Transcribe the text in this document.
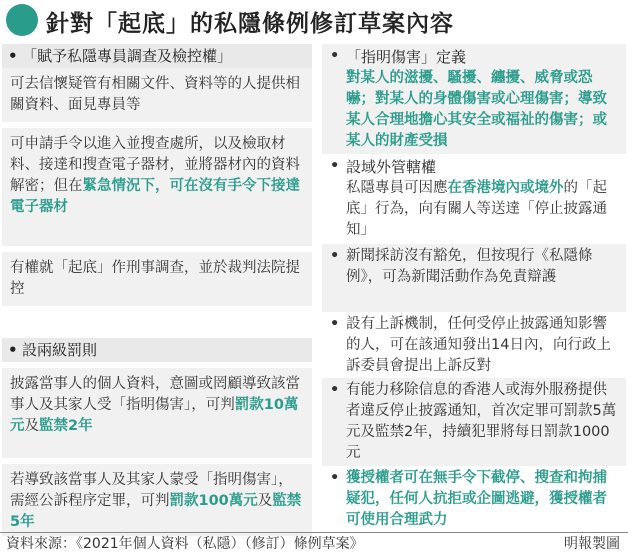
針對「起底」的私隱條例修訂草案內容
• 「賦予私隱專員調查及檢控權」
可去信懷疑管有相關文件、資料等的人提供相關資料、面見專員等
可申請手令以進入並搜查處所，以及檢取材料、接達和搜查電子器材，並將器材內的資料解密；但在緊急情況下，可在沒有手令下接達電子器材
有權就「起底」作刑事調查，並於裁判法院提控
• 設兩級罰則
披露當事人的個人資料，意圖或罔顧導致該當事人及其家人受「指明傷害」，可判罰款10萬元及監禁2年
若導致該當事人及其家人蒙受「指明傷害」，需經公訴程序定罪，可判罰款100萬元及監禁5年
• 「指明傷害」定義
對某人的滋擾、騷擾、纏擾、威脅或恐嚇；對某人的身體傷害或心理傷害；導致某人合理地擔心其安全或福祉的傷害；或某人的財產受損
• 設域外管轄權
私隱專員可因應在香港境內或境外的「起底」行為，向有關人等送達「停止披露通知」
• 新聞採訪沒有豁免，但按現行《私隱條例》，可為新聞活動作為免責辯護
• 設有上訴機制，任何受停止披露通知影響的人，可在該通知發出14日內，向行政上訴委員會提出上訴反對
• 有能力移除信息的香港人或海外服務提供者違反停止披露通知，首次定罪可罰款5萬元及監禁2年，持續犯罪將每日罰款1000元
• 獲授權者可在無手令下截停、搜查和拘捕疑犯，任何人抗拒或企圖逃避，獲授權者可使用合理武力
資料來源：《2021年個人資料（私隱）（修訂）條例草案》	明報製圖
